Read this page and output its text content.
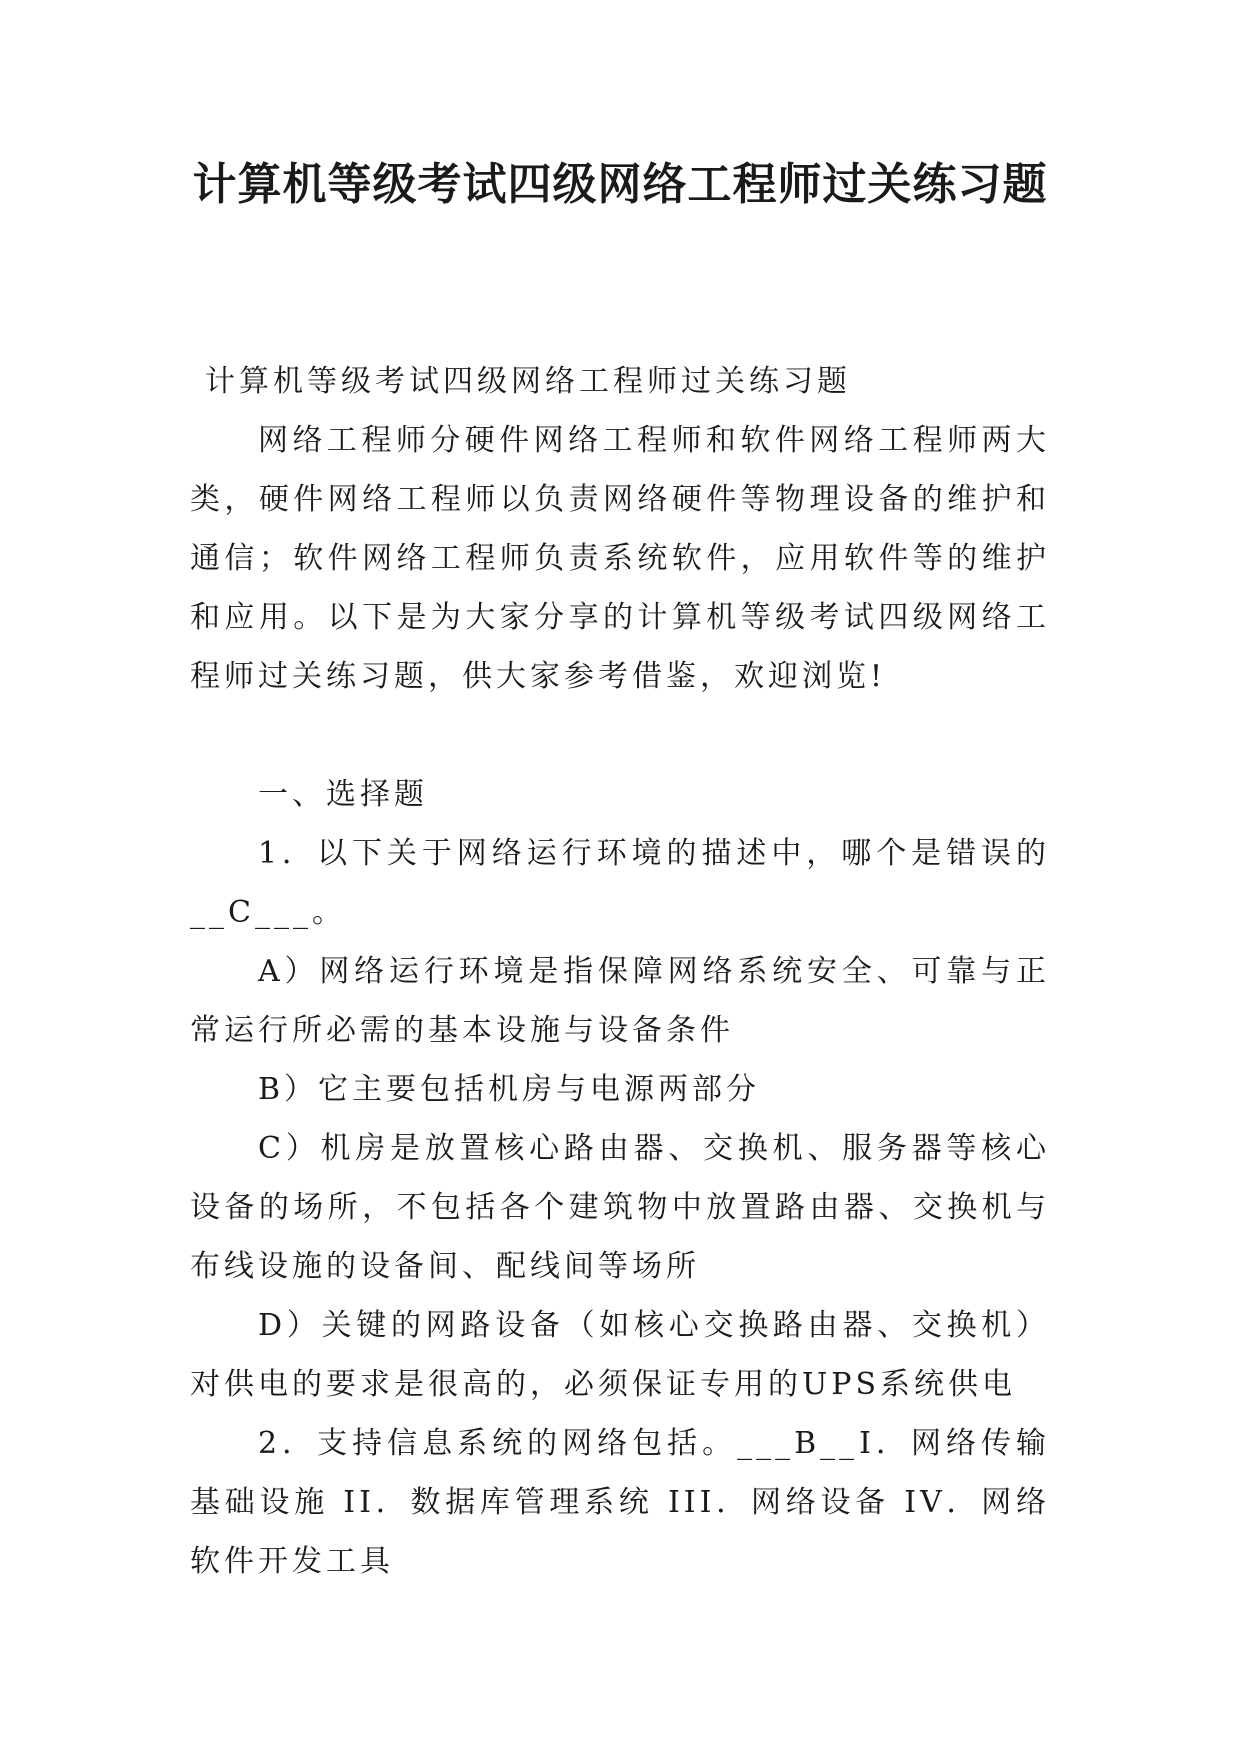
计算机等级考试四级网络工程师过关练习题

计算机等级考试四级网络工程师过关练习题

网络工程师分硬件网络工程师和软件网络工程师两大类，硬件网络工程师以负责网络硬件等物理设备的维护和通信；软件网络工程师负责系统软件，应用软件等的维护和应用。以下是为大家分享的计算机等级考试四级网络工程师过关练习题，供大家参考借鉴，欢迎浏览!

一、选择题

1．以下关于网络运行环境的描述中，哪个是错误的__C___。

A）网络运行环境是指保障网络系统安全、可靠与正常运行所必需的基本设施与设备条件

B）它主要包括机房与电源两部分

C）机房是放置核心路由器、交换机、服务器等核心设备的场所，不包括各个建筑物中放置路由器、交换机与布线设施的设备间、配线间等场所

D）关键的网路设备（如核心交换路由器、交换机）对供电的要求是很高的，必须保证专用的UPS系统供电

2．支持信息系统的网络包括。___B__Ⅰ．网络传输基础设施 II．数据库管理系统 III．网络设备 IV．网络软件开发工具
